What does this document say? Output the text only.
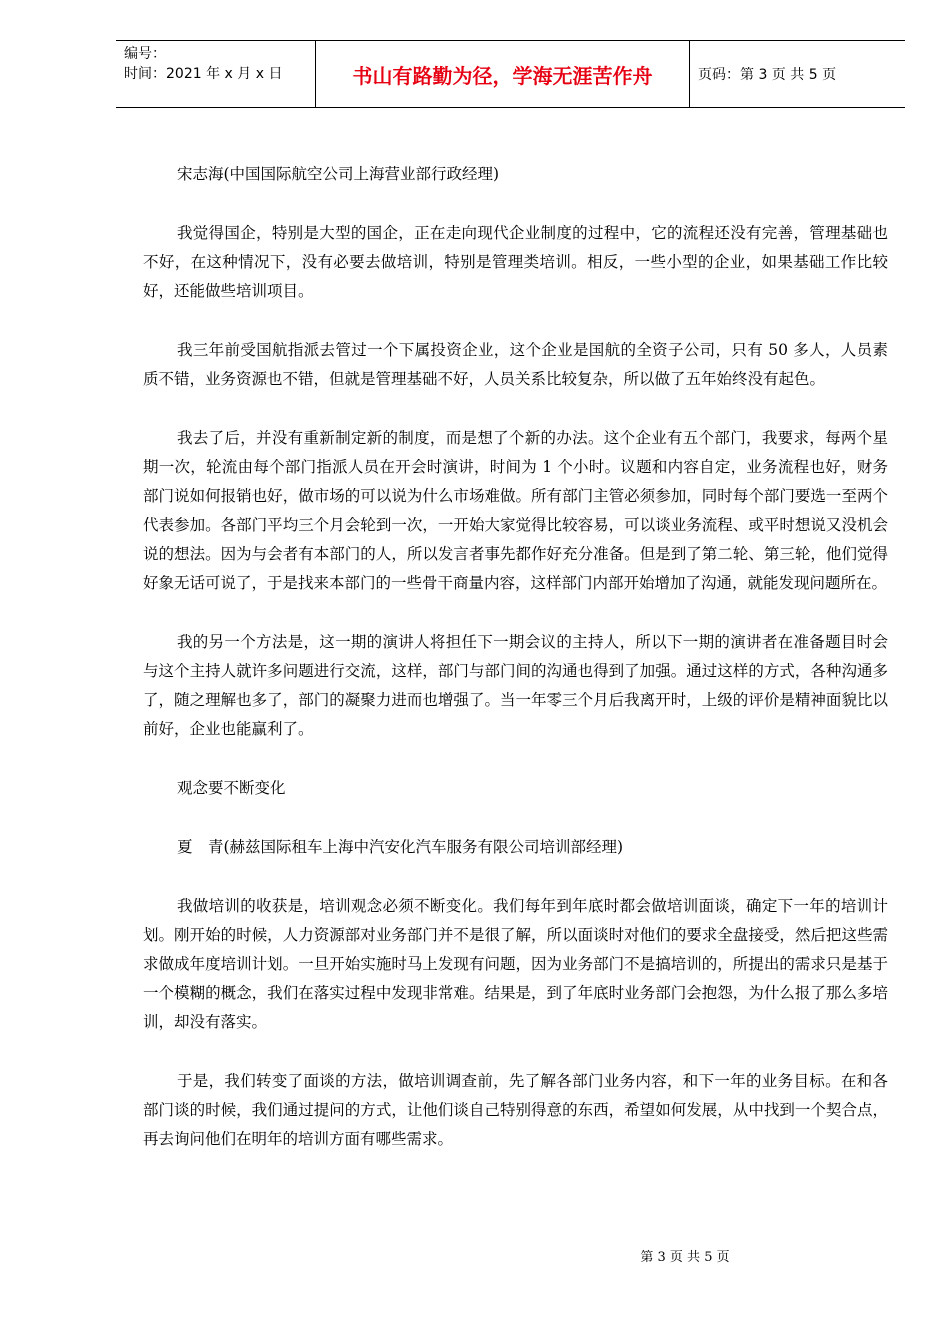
编号：
时间：2021 年 x 月 x 日	书山有路勤为径，学海无涯苦作舟	页码：第 3 页 共 5 页

宋志海(中国国际航空公司上海营业部行政经理)

我觉得国企，特别是大型的国企，正在走向现代企业制度的过程中，它的流程还没有完善，管理基础也不好，在这种情况下，没有必要去做培训，特别是管理类培训。相反，一些小型的企业，如果基础工作比较好，还能做些培训项目。

我三年前受国航指派去管过一个下属投资企业，这个企业是国航的全资子公司，只有 50 多人，人员素质不错，业务资源也不错，但就是管理基础不好，人员关系比较复杂，所以做了五年始终没有起色。

我去了后，并没有重新制定新的制度，而是想了个新的办法。这个企业有五个部门，我要求，每两个星期一次，轮流由每个部门指派人员在开会时演讲，时间为 1 个小时。议题和内容自定，业务流程也好，财务部门说如何报销也好，做市场的可以说为什么市场难做。所有部门主管必须参加，同时每个部门要选一至两个代表参加。各部门平均三个月会轮到一次，一开始大家觉得比较容易，可以谈业务流程、或平时想说又没机会说的想法。因为与会者有本部门的人，所以发言者事先都作好充分准备。但是到了第二轮、第三轮，他们觉得好象无话可说了，于是找来本部门的一些骨干商量内容，这样部门内部开始增加了沟通，就能发现问题所在。

我的另一个方法是，这一期的演讲人将担任下一期会议的主持人，所以下一期的演讲者在准备题目时会与这个主持人就许多问题进行交流，这样，部门与部门间的沟通也得到了加强。通过这样的方式，各种沟通多了，随之理解也多了，部门的凝聚力进而也增强了。当一年零三个月后我离开时，上级的评价是精神面貌比以前好，企业也能赢利了。

观念要不断变化

夏　青(赫兹国际租车上海中汽安化汽车服务有限公司培训部经理)

我做培训的收获是，培训观念必须不断变化。我们每年到年底时都会做培训面谈，确定下一年的培训计划。刚开始的时候，人力资源部对业务部门并不是很了解，所以面谈时对他们的要求全盘接受，然后把这些需求做成年度培训计划。一旦开始实施时马上发现有问题，因为业务部门不是搞培训的，所提出的需求只是基于一个模糊的概念，我们在落实过程中发现非常难。结果是，到了年底时业务部门会抱怨，为什么报了那么多培训，却没有落实。

于是，我们转变了面谈的方法，做培训调查前，先了解各部门业务内容，和下一年的业务目标。在和各部门谈的时候，我们通过提问的方式，让他们谈自己特别得意的东西，希望如何发展，从中找到一个契合点，再去询问他们在明年的培训方面有哪些需求。

第 3 页 共 5 页
